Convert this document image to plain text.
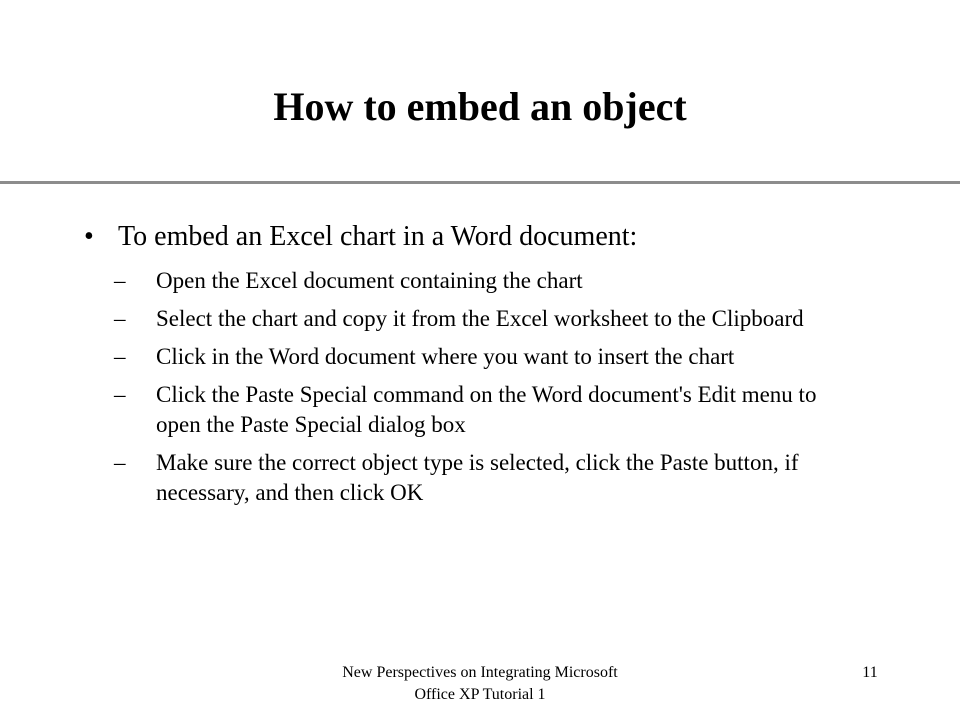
How to embed an object
• To embed an Excel chart in a Word document:
– Open the Excel document containing the chart
– Select the chart and copy it from the Excel worksheet to the Clipboard
– Click in the Word document where you want to insert the chart
– Click the Paste Special command on the Word document's Edit menu to open the Paste Special dialog box
– Make sure the correct object type is selected, click the Paste button, if necessary, and then click OK
New Perspectives on Integrating Microsoft
Office XP Tutorial 1
11
